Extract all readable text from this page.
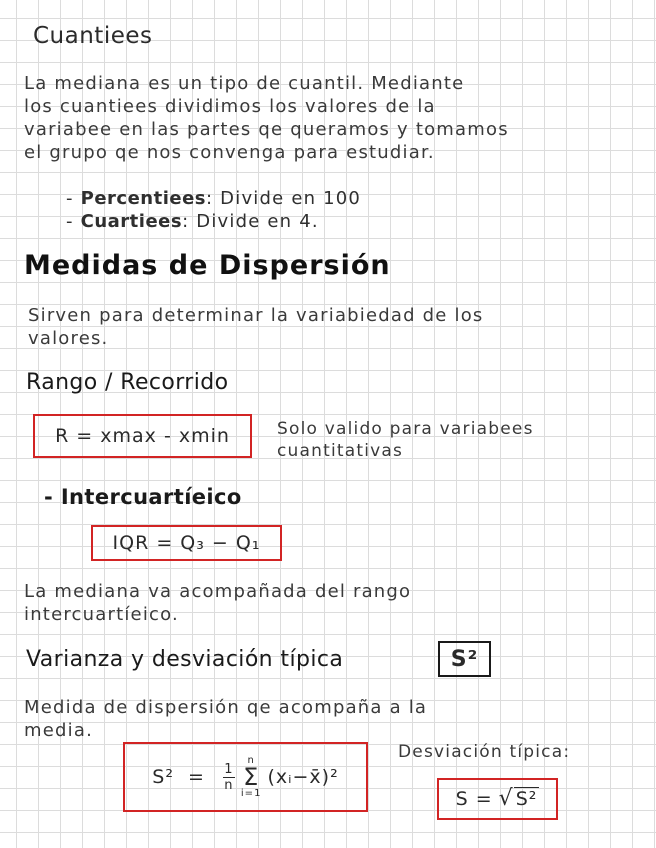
Cuantiees
La mediana es un tipo de cuantil. Mediante
los cuantiees dividimos los valores de la
variabee en las partes qe queramos y tomamos
el grupo qe nos convenga para estudiar.
- Percentiees: Divide en 100
- Cuartiees: Divide en 4.
Medidas de Dispersión
Sirven para determinar la variabiedad de los
valores.
Rango / Recorrido
R = xmax - xmin	Solo valido para variabees
cuantitativas
- Intercuartíeico
IQR = Q₃ − Q₁
La mediana va acompañada del rango
intercuartíeico.
Varianza y desviación típica	S²
Medida de dispersión qe acompaña a la
media.
$S^2 = \frac{1}{n}$
n
Σ
i=1
(xᵢ−x̄)²
Desviación típica:
S = √ S²
